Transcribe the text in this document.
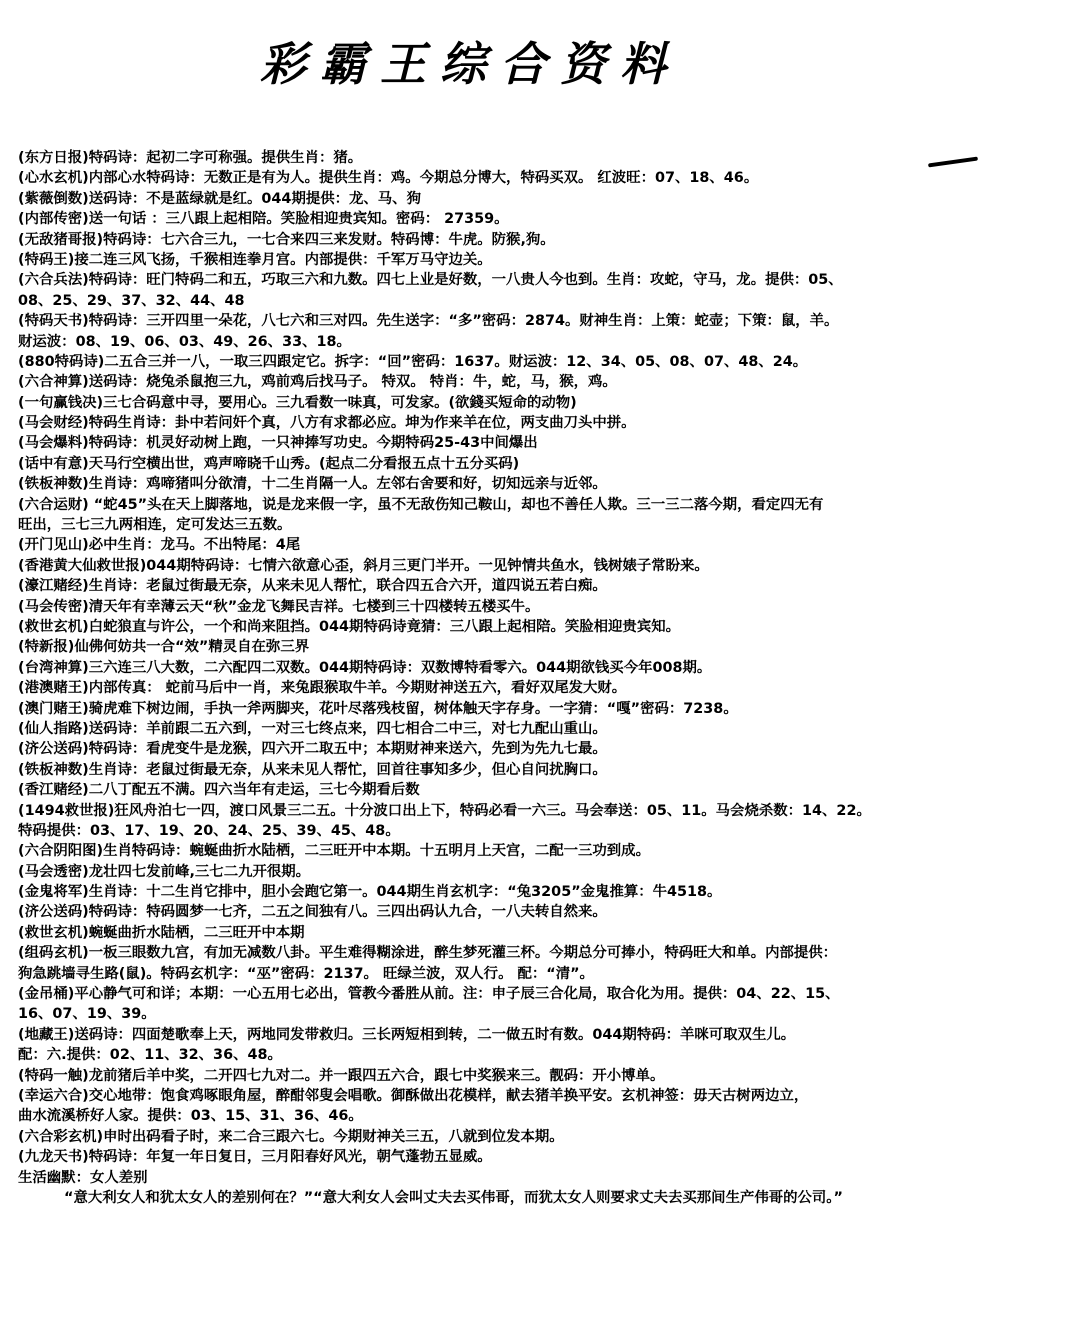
彩霸王综合资料
(东方日报)特码诗：起初二字可称强。提供生肖：猪。
(心水玄机)内部心水特码诗：无数正是有为人。提供生肖：鸡。今期总分博大，特码买双。 红波旺：07、18、46。
(紫薇倒数)送码诗：不是蓝绿就是红。044期提供：龙、马、狗
(内部传密)送一句话 ：三八跟上起相陪。笑脸相迎贵宾知。密码： 27359。
(无敌猪哥报)特码诗：七六合三九，一七合来四三来发财。特码博：牛虎。防猴,狗。
(特码王)接二连三风飞扬，千猴相连拳月宫。内部提供：千军万马守边关。
(六合兵法)特码诗：旺门特码二和五，巧取三六和九数。四七上业是好数，一八贵人今也到。生肖：攻蛇，守马，龙。提供：05、
08、25、29、37、32、44、48
(特码天书)特码诗：三开四里一朵花，八七六和三对四。先生送字：“多”密码：2874。财神生肖：上策：蛇壶；下策：鼠，羊。
财运波：08、19、06、03、49、26、33、18。
(880特码诗)二五合三并一八，一取三四跟定它。拆字：“回”密码：1637。财运波：12、34、05、08、07、48、24。
(六合神算)送码诗：烧兔杀鼠抱三九，鸡前鸡后找马子。 特双。 特肖：牛，蛇，马，猴，鸡。
(一句赢钱决)三七合码意中寻，要用心。三九看数一味真，可发家。(欲錢买短命的动物)
(马会财经)特码生肖诗：卦中若问奸个真，八方有求都必应。坤为作来羊在位，两支曲刀头中拼。
(马会爆料)特码诗：机灵好动树上跑，一只神捧写功史。今期特码25-43中间爆出
(话中有意)天马行空横出世，鸡声啼晓千山秀。(起点二分看报五点十五分买码)
(铁板神数)生肖诗：鸡啼猪叫分欲清，十二生肖隔一人。左邻右舍要和好，切知远亲与近邻。
(六合运财) “蛇45”头在天上脚落地，说是龙来假一字，虽不无敌伤知己鞍山，却也不善任人欺。三一三二落今期，看定四无有
旺出，三七三九两相连，定可发达三五数。
(开门见山)必中生肖：龙马。不出特尾：4尾
(香港黄大仙救世报)044期特码诗：七情六欲意心歪，斜月三更门半开。一见钟情共鱼水，钱树婊子常盼来。
(濠江赌经)生肖诗：老鼠过街最无奈，从来未见人帮忙，联合四五合六开，道四说五若白痴。
(马会传密)清天年有幸薄云天“秋”金龙飞舞民吉祥。七楼到三十四楼转五楼买牛。
(救世玄机)白蛇狼直与许公，一个和尚来阻挡。044期特码诗竟猜：三八跟上起相陪。笑脸相迎贵宾知。
(特新报)仙佛何妨共一合“效”精灵自在弥三界
(台湾神算)三六连三八大数，二六配四二双数。044期特码诗：双数博特看零六。044期欲钱买今年008期。
(港澳赌王)内部传真： 蛇前马后中一肖，来兔跟猴取牛羊。今期财神送五六，看好双尾发大财。
(澳门赌王)骑虎难下树边闹，手执一斧两脚夹，花叶尽落残枝留，树体触天字存身。一字猜：“嘎”密码：7238。
(仙人指路)送码诗：羊前跟二五六到，一对三七终点来，四七相合二中三，对七九配山重山。
(济公送码)特码诗：看虎变牛是龙猴，四六开二取五中；本期财神来送六，先到为先九七最。
(铁板神数)生肖诗：老鼠过街最无奈，从来未见人帮忙，回首往事知多少，但心自问扰胸口。
(香江赌经)二八丁配五不满。四六当年有走运，三七今期看后数
(1494救世报)狂风舟泊七一四，渡口风景三二五。十分波口出上下，特码必看一六三。马会奉送：05、11。马会烧杀数：14、22。
特码提供：03、17、19、20、24、25、39、45、48。
(六合阴阳图)生肖特码诗：蜿蜒曲折水陆栖，二三旺开中本期。十五明月上天宫，二配一三功到成。
(马会透密)龙壮四七发前峰,三七二九开很期。
(金鬼将军)生肖诗：十二生肖它排中，胆小会跑它第一。044期生肖玄机字：“兔3205”金鬼推算：牛4518。
(济公送码)特码诗：特码圆梦一七齐，二五之间独有八。三四出码认九合，一八夫转自然来。
(救世玄机)蜿蜒曲折水陆栖，二三旺开中本期
(组码玄机)一板三眼数九宫，有加无减数八卦。平生难得糊涂进，醉生梦死灌三杯。今期总分可捧小，特码旺大和单。内部提供：
狗急跳墙寻生路(鼠)。特码玄机字：“巫”密码：2137。 旺绿兰波，双人行。 配：“清”。
(金吊桶)平心静气可和详；本期：一心五用七必出，管教今番胜从前。注：申子辰三合化局，取合化为用。提供：04、22、15、
16、07、19、39。
(地藏王)送码诗：四面楚歌奉上天，两地同发带救归。三长两短相到转，二一做五时有数。044期特码：羊咪可取双生儿。
配：六.提供：02、11、32、36、48。
(特码一触)龙前猪后羊中奖，二开四七九对二。并一跟四五六合，跟七中奖猴来三。靓码：开小博单。
(幸运六合)交心地带：饱食鸡啄眼角屋，醉酣邻叟会唱歌。御酥做出花模样，献去猪羊换平安。玄机神签：毋天古树两边立，
曲水流溪桥好人家。提供：03、15、31、36、46。
(六合彩玄机)申时出码看子时，来二合三跟六七。今期财神关三五，八就到位发本期。
(九龙天书)特码诗：年复一年日复日，三月阳春好风光，朝气蓬勃五显威。
生活幽默：女人差别
“意大利女人和犹太女人的差别何在？”“意大利女人会叫丈夫去买伟哥，而犹太女人则要求丈夫去买那间生产伟哥的公司。”
